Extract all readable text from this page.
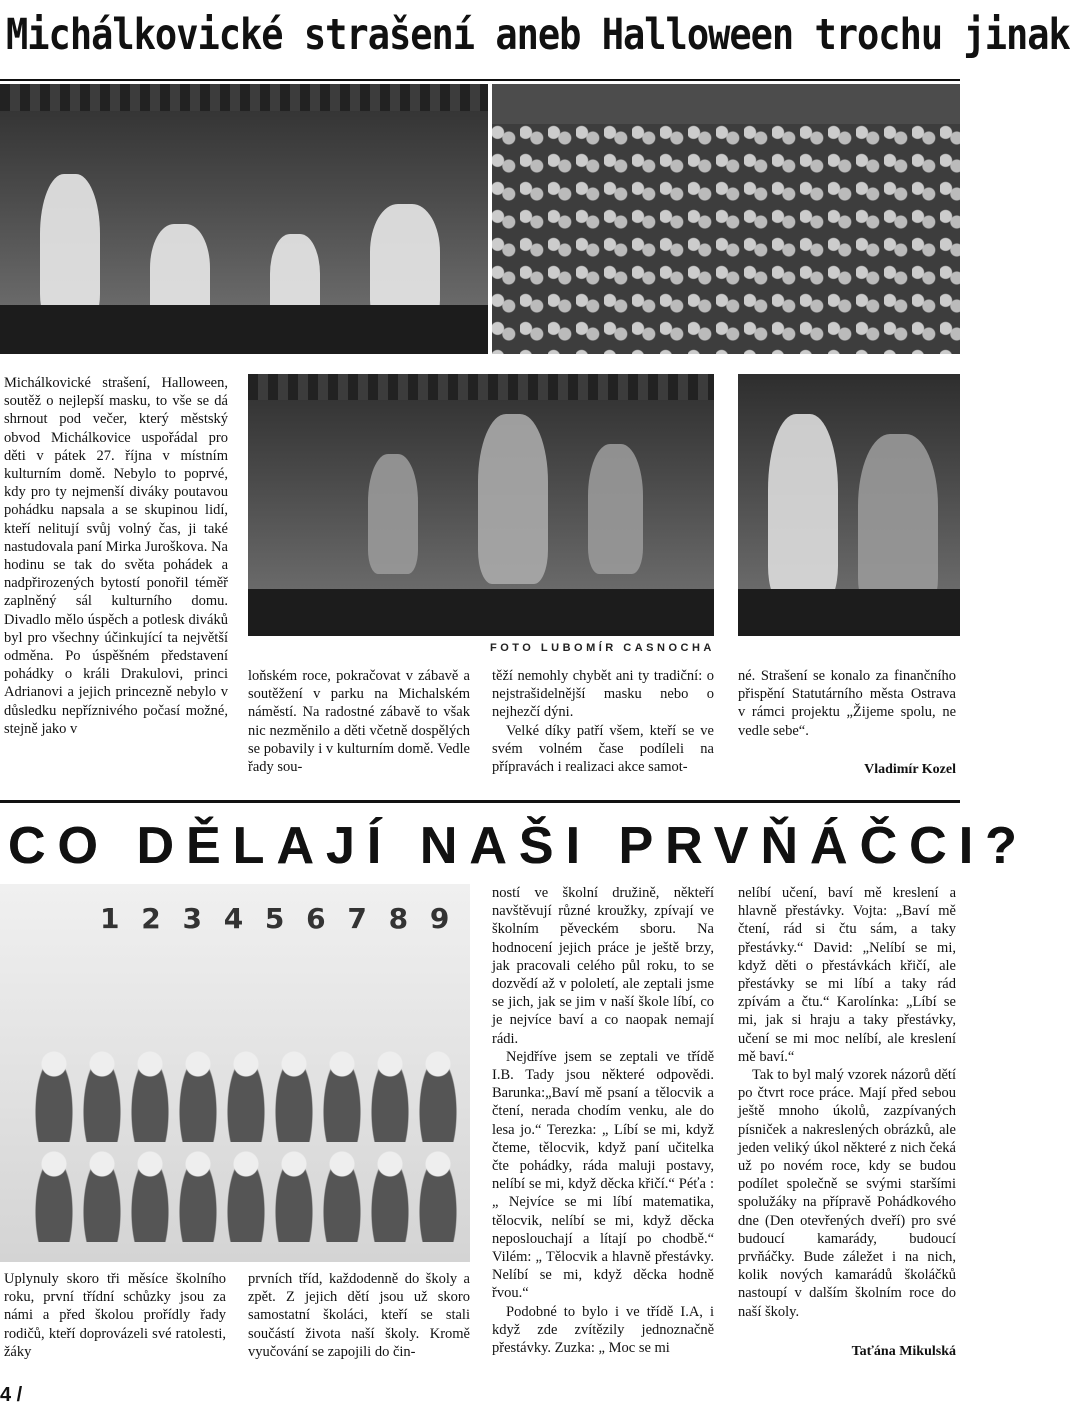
Michálkovické strašení aneb Halloween trochu jinak

Michálkovické strašení, Halloween, soutěž o nejlepší masku, to vše se dá shrnout pod večer, který městský obvod Michálkovice uspořádal pro děti v pátek 27. října v místním kulturním domě. Nebylo to poprvé, kdy pro ty nejmenší diváky poutavou pohádku napsala a se skupinou lidí, kteří nelitují svůj volný čas, ji také nastudovala paní Mirka Juroškova. Na hodinu se tak do světa pohádek a nadpřirozených bytostí ponořil téměř zaplněný sál kulturního domu. Divadlo mělo úspěch a potlesk diváků byl pro všechny účinkující ta největší odměna. Po úspěšném představení pohádky o králi Drakulovi, princi Adrianovi a jejich princezně nebylo v důsledku nepříznivého počasí možné, stejně jako v

FOTO LUBOMÍR CASNOCHA

loňském roce, pokračovat v zábavě a soutěžení v parku na Michalském náměstí. Na radostné zábavě to však nic nezměnilo a děti včetně dospělých se pobavily i v kulturním domě. Vedle řady sou-

těží nemohly chybět ani ty tradiční: o nejstrašidelnější masku nebo o nejhezčí dýni.

Velké díky patří všem, kteří se ve svém volném čase podíleli na přípravách i realizaci akce samot-

né. Strašení se konalo za finančního přispění Statutárního města Ostrava v rámci projektu „Žijeme spolu, ne vedle sebe“.

Vladimír Kozel
CO DĚLAJÍ NAŠI PRVŇÁČCI?
1 2 3 4 5 6 7 8 9

Uplynuly skoro tři měsíce školního roku, první třídní schůzky jsou za námi a před školou prořídly řady rodičů, kteří doprovázeli své ratolesti, žáky

prvních tříd, každodenně do školy a zpět. Z jejich dětí jsou už skoro samostatní školáci, kteří se stali součástí života naší školy. Kromě vyučování se zapojili do čin-

ností ve školní družině, někteří navštěvují různé kroužky, zpívají ve školním pěveckém sboru. Na hodnocení jejich práce je ještě brzy, jak pracovali celého půl roku, to se dozvědí až v pololetí, ale zeptali jsme se jich, jak se jim v naší škole líbí, co je nejvíce baví a co naopak nemají rádi.

Nejdříve jsem se zeptali ve třídě I.B. Tady jsou některé odpovědi. Barunka:„Baví mě psaní a tělocvik a čtení, nerada chodím venku, ale do lesa jo.“ Terezka: „ Líbí se mi, když čteme, tělocvik, když paní učitelka čte pohádky, ráda maluji postavy, nelíbí se mi, když děcka křičí.“ Péťa : „ Nejvíce se mi líbí matematika, tělocvik, nelíbí se mi, když děcka neposlouchají a lítají po chodbě.“ Vilém: „ Tělocvik a hlavně přestávky. Nelíbí se mi, když děcka hodně řvou.“

Podobné to bylo i ve třídě I.A, i když zde zvítězily jednoznačně přestávky. Zuzka: „ Moc se mi

nelíbí učení, baví mě kreslení a hlavně přestávky. Vojta: „Baví mě čtení, rád si čtu sám, a taky přestávky.“ David: „Nelíbí se mi, když děti o přestávkách křičí, ale přestávky se mi líbí a taky rád zpívám a čtu.“ Karolínka: „Líbí se mi, jak si hraju a taky přestávky, učení se mi moc nelíbí, ale kreslení mě baví.“

Tak to byl malý vzorek názorů dětí po čtvrt roce práce. Mají před sebou ještě mnoho úkolů, zazpívaných písniček a nakreslených obrázků, ale jeden veliký úkol některé z nich čeká už po novém roce, kdy se budou podílet společně se svými staršími spolužáky na přípravě Pohádkového dne (Den otevřených dveří) pro své budoucí kamarády, budoucí prvňáčky. Bude záležet i na nich, kolik nových kamarádů školáčků nastoupí v dalším školním roce do naší školy.

Taťána Mikulská
4 /
